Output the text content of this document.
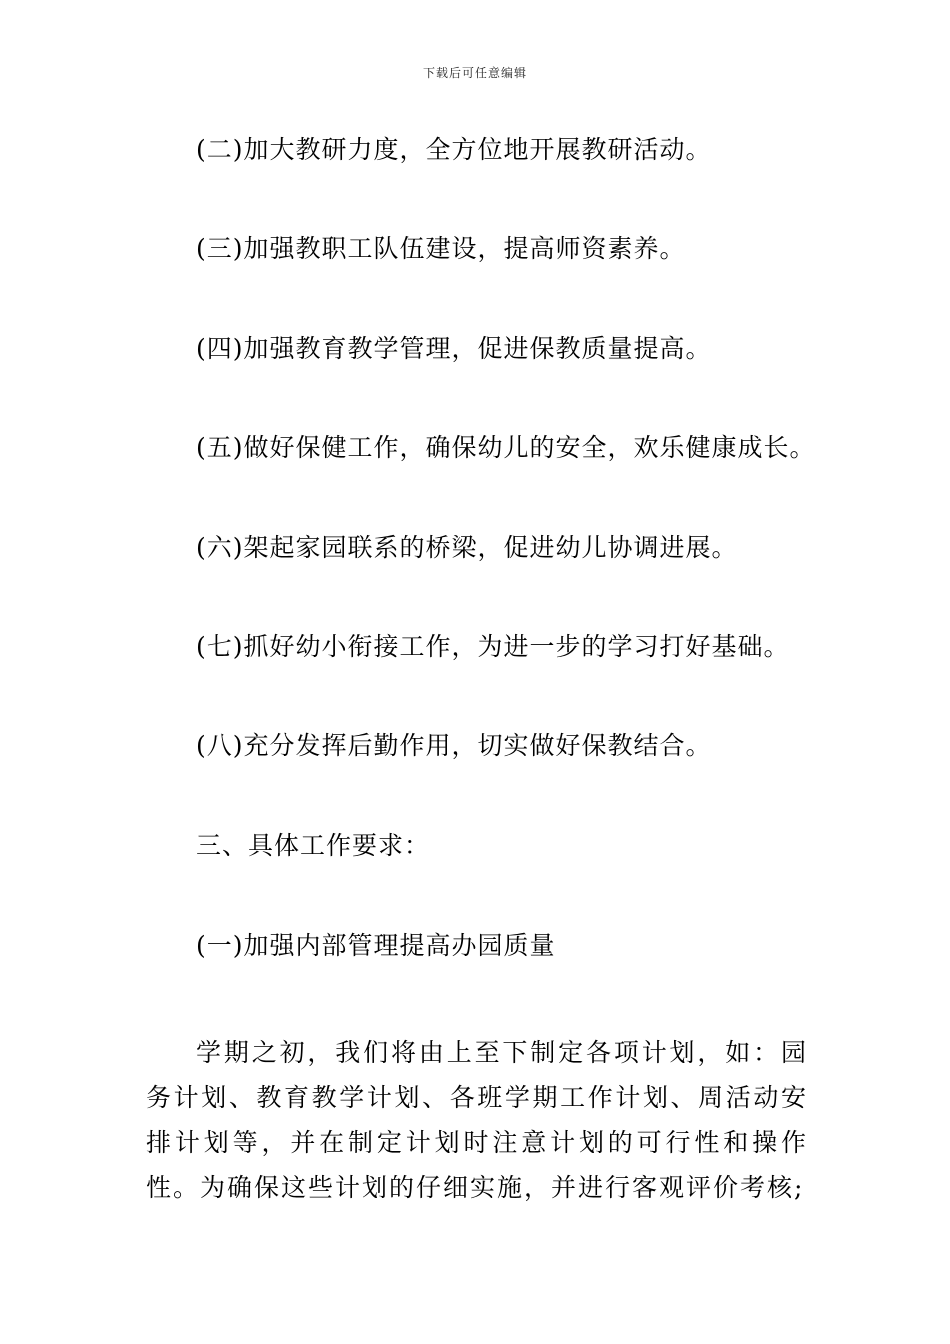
下载后可任意编辑
(二)加大教研力度，全方位地开展教研活动。
(三)加强教职工队伍建设，提高师资素养。
(四)加强教育教学管理，促进保教质量提高。
(五)做好保健工作，确保幼儿的安全，欢乐健康成长。
(六)架起家园联系的桥梁，促进幼儿协调进展。
(七)抓好幼小衔接工作，为进一步的学习打好基础。
(八)充分发挥后勤作用，切实做好保教结合。
三、具体工作要求：
(一)加强内部管理提高办园质量
学期之初，我们将由上至下制定各项计划，如：园务计划、教育教学计划、各班学期工作计划、周活动安排计划等，并在制定计划时注意计划的可行性和操作性。为确保这些计划的仔细实施，并进行客观评价考核;
